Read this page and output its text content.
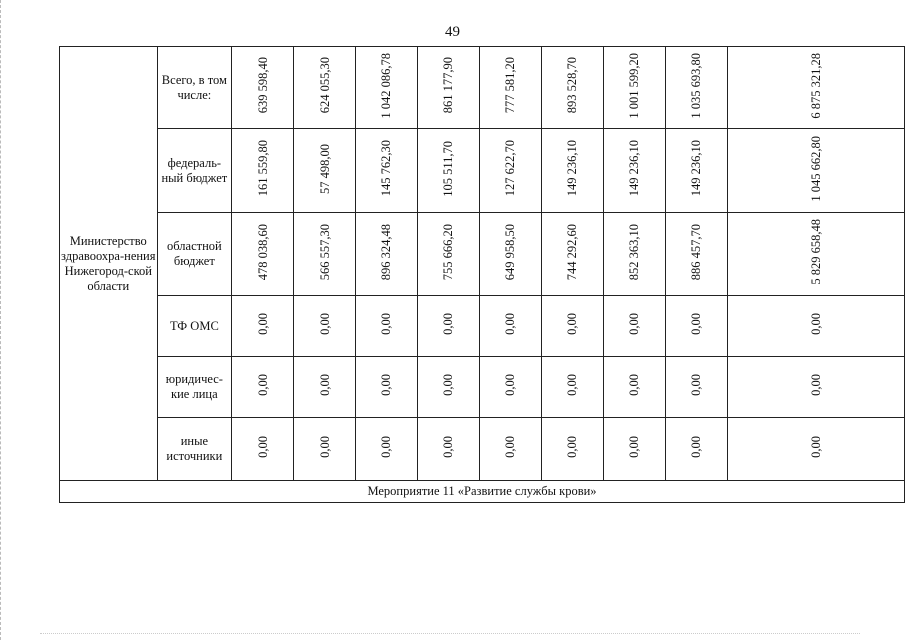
49
Министерство здравоохра-нения Нижегород-ской области	Всего, в том числе:	639 598,40	624 055,30	1 042 086,78	861 177,90	777 581,20	893 528,70	1 001 599,20	1 035 693,80	6 875 321,28
	федераль-ный бюджет	161 559,80	57 498,00	145 762,30	105 511,70	127 622,70	149 236,10	149 236,10	149 236,10	1 045 662,80
	областной бюджет	478 038,60	566 557,30	896 324,48	755 666,20	649 958,50	744 292,60	852 363,10	886 457,70	5 829 658,48
	ТФ ОМС	0,00	0,00	0,00	0,00	0,00	0,00	0,00	0,00	0,00
	юридичес-кие лица	0,00	0,00	0,00	0,00	0,00	0,00	0,00	0,00	0,00
	иные источники	0,00	0,00	0,00	0,00	0,00	0,00	0,00	0,00	0,00
Мероприятие 11 «Развитие службы крови»										
